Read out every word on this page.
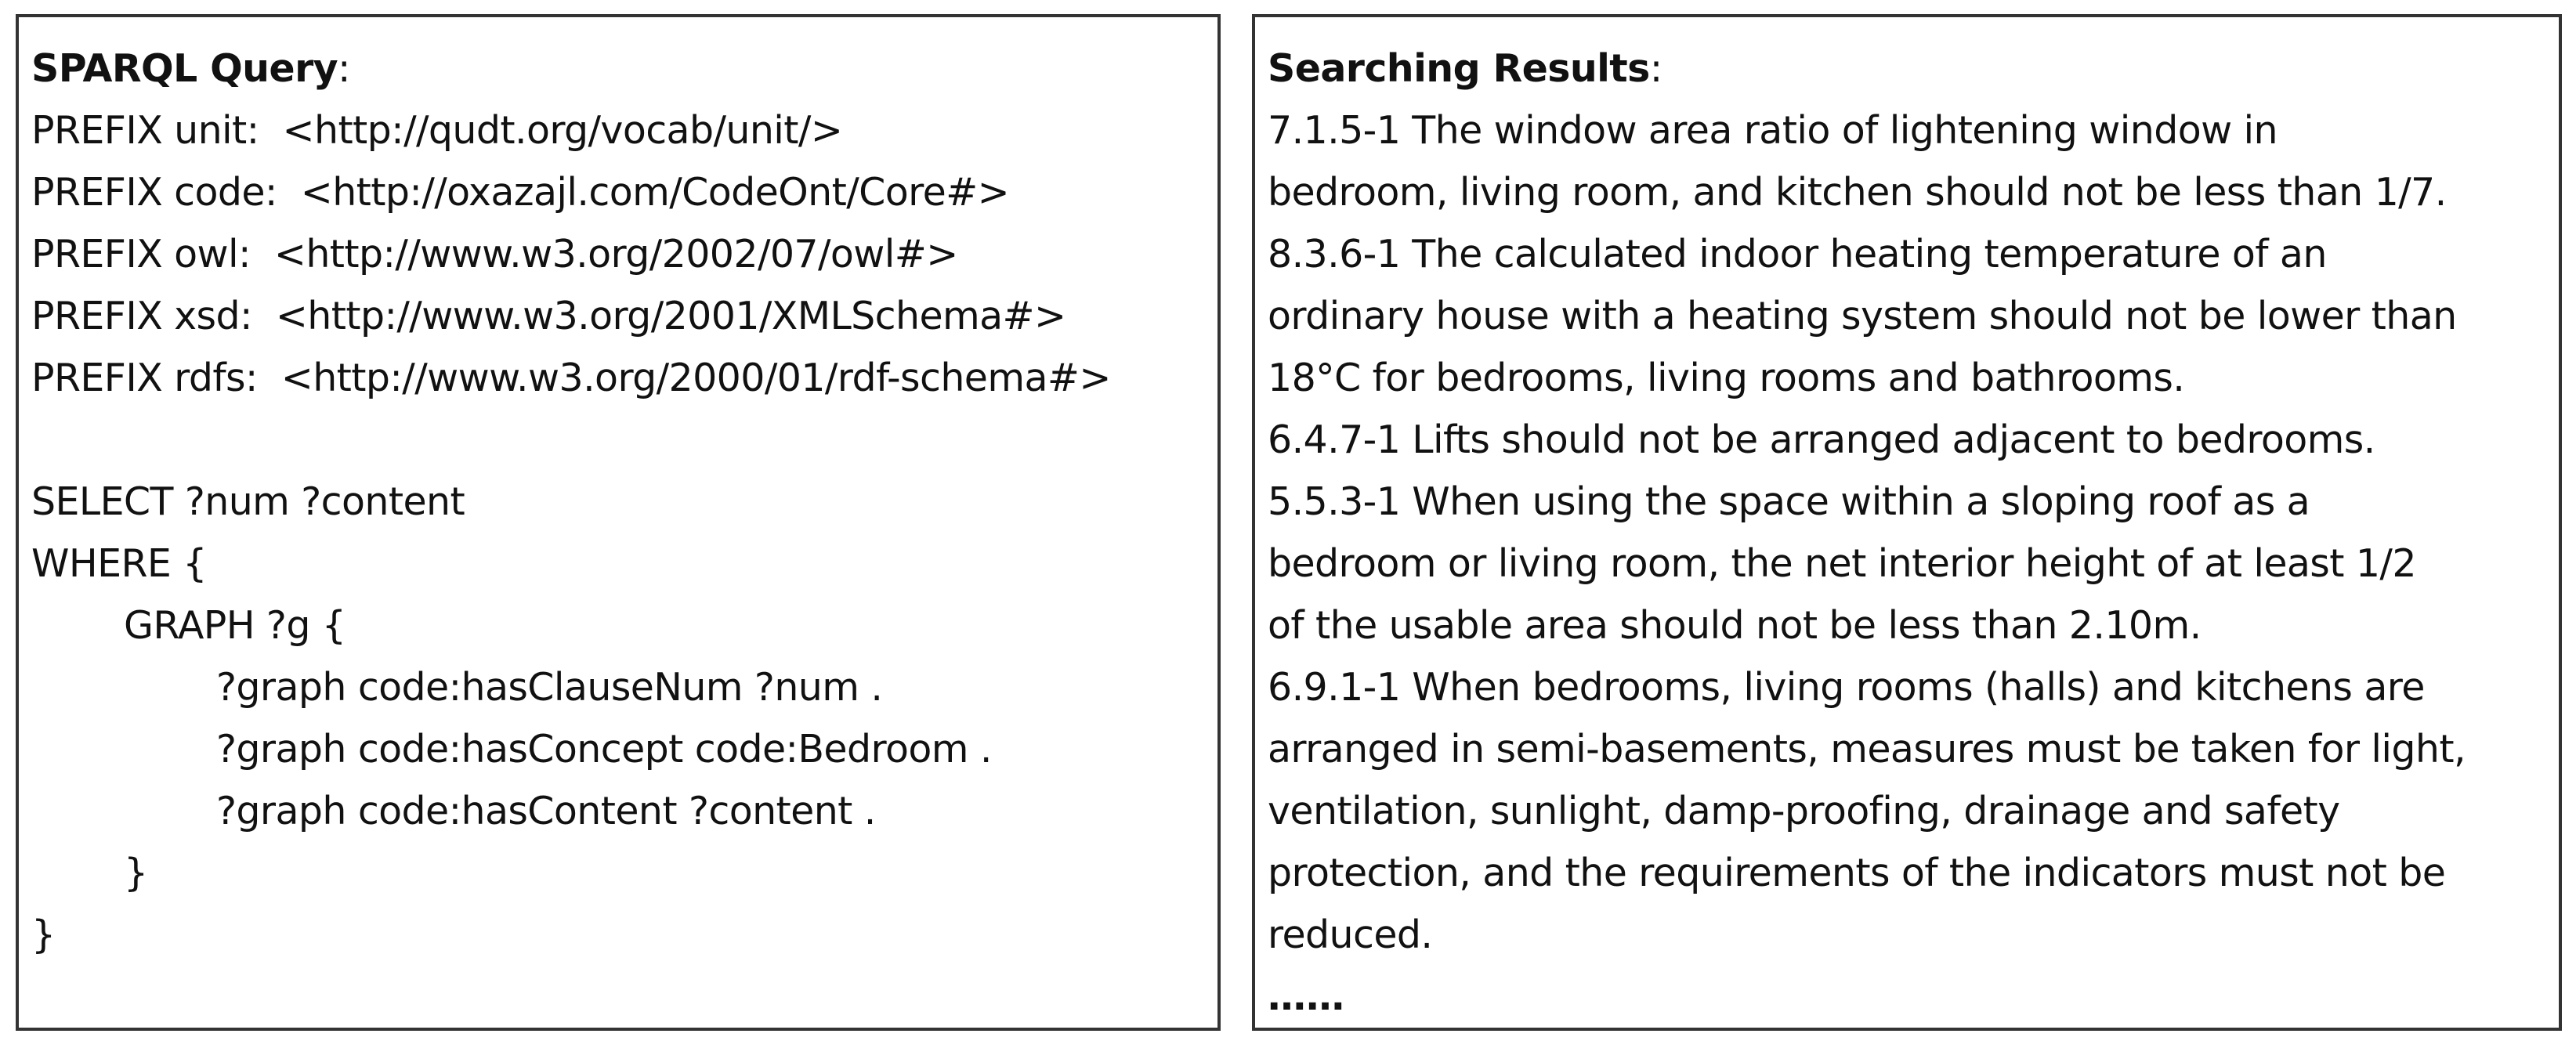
SPARQL Query:
PREFIX unit:  <http://qudt.org/vocab/unit/>
PREFIX code:  <http://oxazajl.com/CodeOnt/Core#>
PREFIX owl:  <http://www.w3.org/2002/07/owl#>
PREFIX xsd:  <http://www.w3.org/2001/XMLSchema#>
PREFIX rdfs:  <http://www.w3.org/2000/01/rdf-schema#>
SELECT ?num ?content
WHERE {
GRAPH ?g {
?graph code:hasClauseNum ?num .
?graph code:hasConcept code:Bedroom .
?graph code:hasContent ?content .
}
}
Searching Results:
7.1.5-1 The window area ratio of lightening window in
bedroom, living room, and kitchen should not be less than 1/7.
8.3.6-1 The calculated indoor heating temperature of an
ordinary house with a heating system should not be lower than
18°C for bedrooms, living rooms and bathrooms.
6.4.7-1 Lifts should not be arranged adjacent to bedrooms.
5.5.3-1 When using the space within a sloping roof as a
bedroom or living room, the net interior height of at least 1/2
of the usable area should not be less than 2.10m.
6.9.1-1 When bedrooms, living rooms (halls) and kitchens are
arranged in semi-basements, measures must be taken for light,
ventilation, sunlight, damp-proofing, drainage and safety
protection, and the requirements of the indicators must not be
reduced.
……
